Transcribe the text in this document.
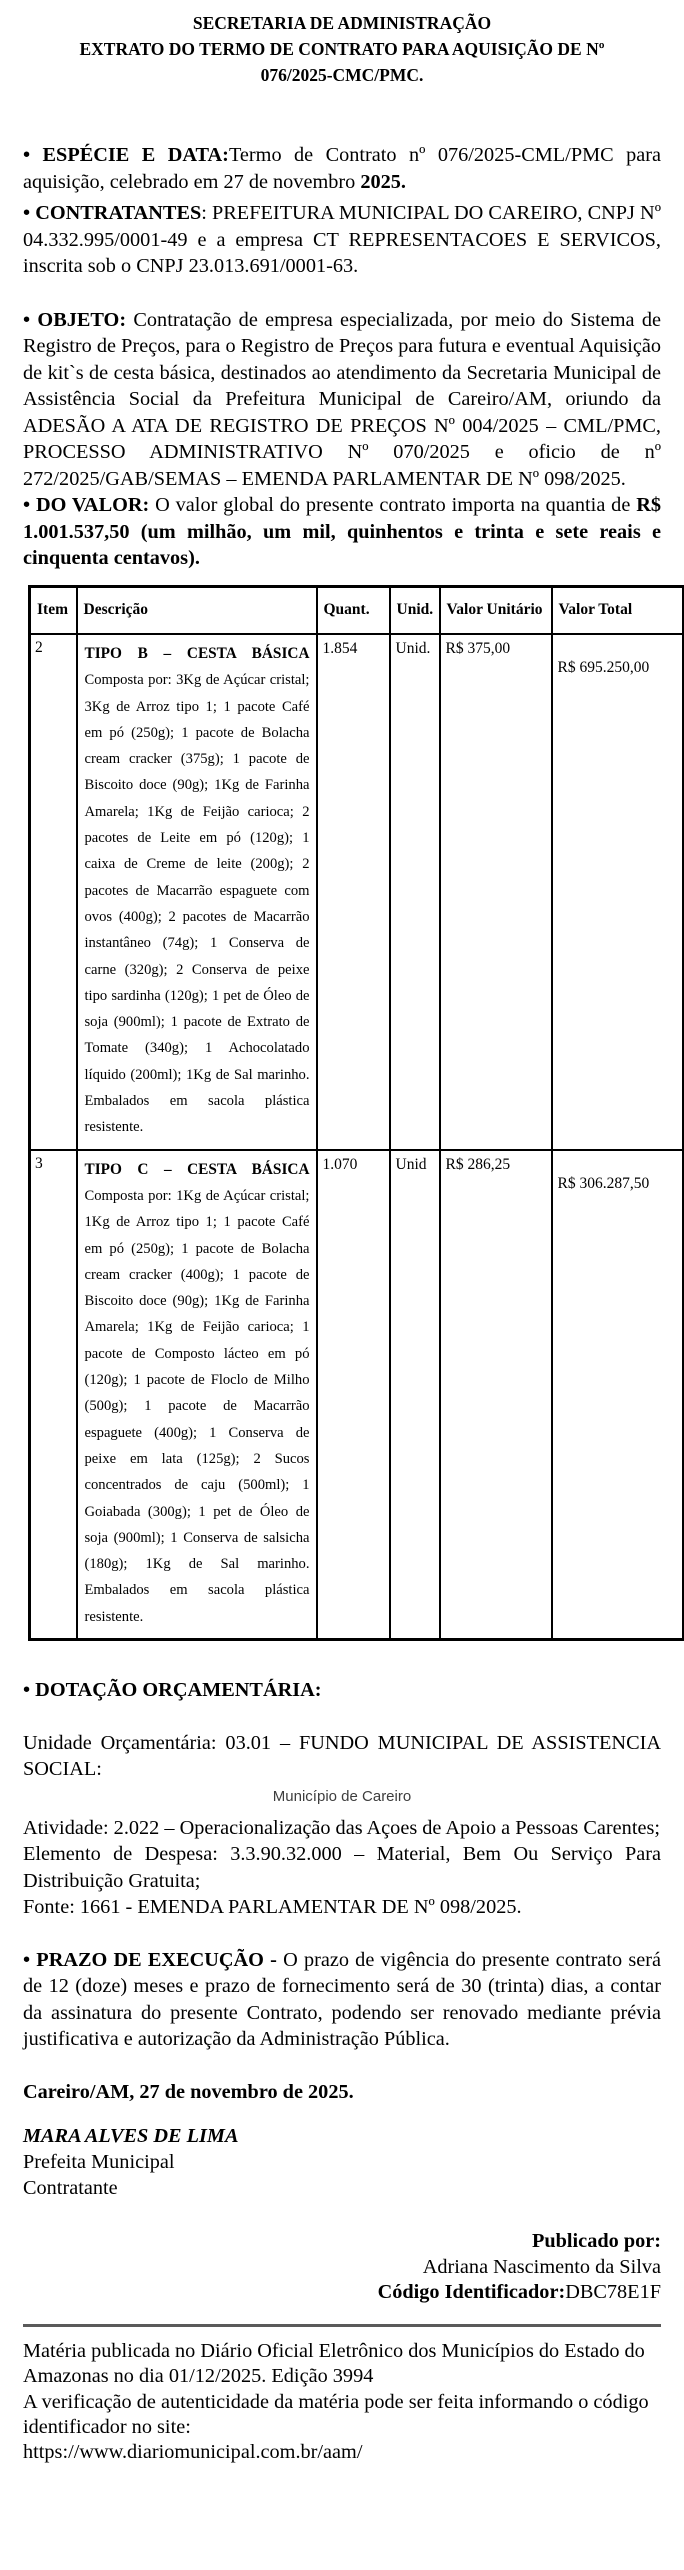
SECRETARIA DE ADMINISTRAÇÃO
EXTRATO DO TERMO DE CONTRATO PARA AQUISIÇÃO DE Nº
076/2025-CMC/PMC.

• ESPÉCIE E DATA:Termo de Contrato nº 076/2025-CML/PMC para aquisição, celebrado em 27 de novembro 2025.

• CONTRATANTES: PREFEITURA MUNICIPAL DO CAREIRO, CNPJ Nº 04.332.995/0001-49 e a empresa CT REPRESENTACOES E SERVICOS, inscrita sob o CNPJ 23.013.691/0001-63.

• OBJETO: Contratação de empresa especializada, por meio do Sistema de Registro de Preços, para o Registro de Preços para futura e eventual Aquisição de kit`s de cesta básica, destinados ao atendimento da Secretaria Municipal de Assistência Social da Prefeitura Municipal de Careiro/AM, oriundo da ADESÃO A ATA DE REGISTRO DE PREÇOS Nº 004/2025 – CML/PMC, PROCESSO ADMINISTRATIVO Nº 070/2025 e oficio de nº 272/2025/GAB/SEMAS – EMENDA PARLAMENTAR DE Nº 098/2025.

• DO VALOR: O valor global do presente contrato importa na quantia de R$ 1.001.537,50 (um milhão, um mil, quinhentos e trinta e sete reais e cinquenta centavos).

Item	Descrição	Quant.	Unid.	Valor Unitário	Valor Total
2	TIPO B – CESTA BÁSICA
Composta por: 3Kg de Açúcar cristal; 3Kg de Arroz tipo 1; 1 pacote Café em pó (250g); 1 pacote de Bolacha cream cracker (375g); 1 pacote de Biscoito doce (90g); 1Kg de Farinha Amarela; 1Kg de Feijão carioca; 2 pacotes de Leite em pó (120g); 1 caixa de Creme de leite (200g); 2 pacotes de Macarrão espaguete com ovos (400g); 2 pacotes de Macarrão instantâneo (74g); 1 Conserva de carne (320g); 2 Conserva de peixe tipo sardinha (120g); 1 pet de Óleo de soja (900ml); 1 pacote de Extrato de Tomate (340g); 1 Achocolatado líquido (200ml); 1Kg de Sal marinho. Embalados em sacola plástica resistente.	1.854	Unid.	R$ 375,00	R$ 695.250,00
3	TIPO C – CESTA BÁSICA
Composta por: 1Kg de Açúcar cristal; 1Kg de Arroz tipo 1; 1 pacote Café em pó (250g); 1 pacote de Bolacha cream cracker (400g); 1 pacote de Biscoito doce (90g); 1Kg de Farinha Amarela; 1Kg de Feijão carioca; 1 pacote de Composto lácteo em pó (120g); 1 pacote de Floclo de Milho (500g); 1 pacote de Macarrão espaguete (400g); 1 Conserva de peixe em lata (125g); 2 Sucos concentrados de caju (500ml); 1 Goiabada (300g); 1 pet de Óleo de soja (900ml); 1 Conserva de salsicha (180g); 1Kg de Sal marinho. Embalados em sacola plástica resistente.	1.070	Unid	R$ 286,25	R$ 306.287,50

• DOTAÇÃO ORÇAMENTÁRIA:

Unidade Orçamentária: 03.01 – FUNDO MUNICIPAL DE ASSISTENCIA SOCIAL:

Município de Careiro

Atividade: 2.022 – Operacionalização das Açoes de Apoio a Pessoas Carentes;

Elemento de Despesa: 3.3.90.32.000 – Material, Bem Ou Serviço Para Distribuição Gratuita;

Fonte: 1661 - EMENDA PARLAMENTAR DE Nº 098/2025.

• PRAZO DE EXECUÇÃO - O prazo de vigência do presente contrato será de 12 (doze) meses e prazo de fornecimento será de 30 (trinta) dias, a contar da assinatura do presente Contrato, podendo ser renovado mediante prévia justificativa e autorização da Administração Pública.

Careiro/AM, 27 de novembro de 2025.

MARA ALVES DE LIMA
Prefeita Municipal
Contratante
Publicado por:
Adriana Nascimento da Silva
Código Identificador:DBC78E1F
Matéria publicada no Diário Oficial Eletrônico dos Municípios do Estado do Amazonas no dia 01/12/2025. Edição 3994
A verificação de autenticidade da matéria pode ser feita informando o código identificador no site:
https://www.diariomunicipal.com.br/aam/
